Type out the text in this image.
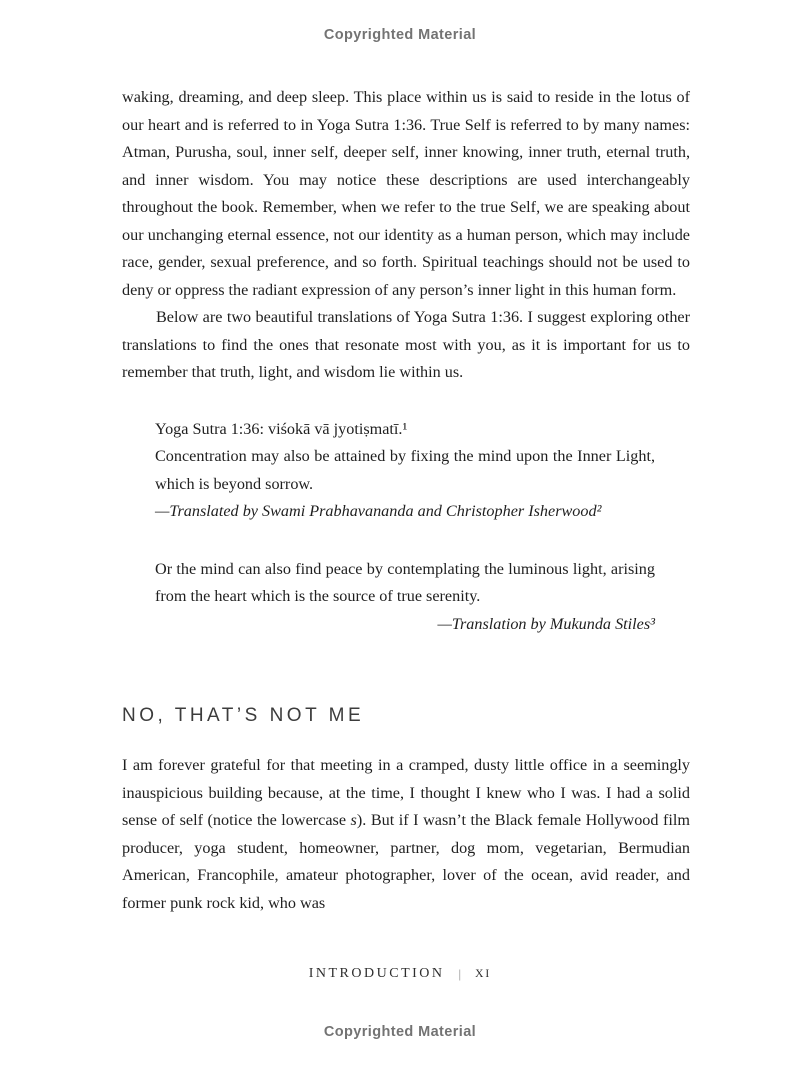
Copyrighted Material

waking, dreaming, and deep sleep. This place within us is said to reside in the lotus of our heart and is referred to in Yoga Sutra 1:36. True Self is referred to by many names: Atman, Purusha, soul, inner self, deeper self, inner knowing, inner truth, eternal truth, and inner wisdom. You may notice these descriptions are used interchangeably throughout the book. Remember, when we refer to the true Self, we are speaking about our unchanging eternal essence, not our identity as a human person, which may include race, gender, sexual preference, and so forth. Spiritual teachings should not be used to deny or oppress the radiant expression of any person’s inner light in this human form.

Below are two beautiful translations of Yoga Sutra 1:36. I suggest exploring other translations to find the ones that resonate most with you, as it is important for us to remember that truth, light, and wisdom lie within us.

Yoga Sutra 1:36: viśokā vā jyotiṣmatī.¹
Concentration may also be attained by fixing the mind upon the Inner Light, which is beyond sorrow.
—Translated by Swami Prabhavananda and Christopher Isherwood²
Or the mind can also find peace by contemplating the luminous light, arising from the heart which is the source of true serenity.
—Translation by Mukunda Stiles³
NO, THAT’S NOT ME

I am forever grateful for that meeting in a cramped, dusty little office in a seemingly inauspicious building because, at the time, I thought I knew who I was. I had a solid sense of self (notice the lowercase s). But if I wasn’t the Black female Hollywood film producer, yoga student, homeowner, partner, dog mom, vegetarian, Bermudian American, Francophile, amateur photographer, lover of the ocean, avid reader, and former punk rock kid, who was

INTRODUCTION | XI
Copyrighted Material
